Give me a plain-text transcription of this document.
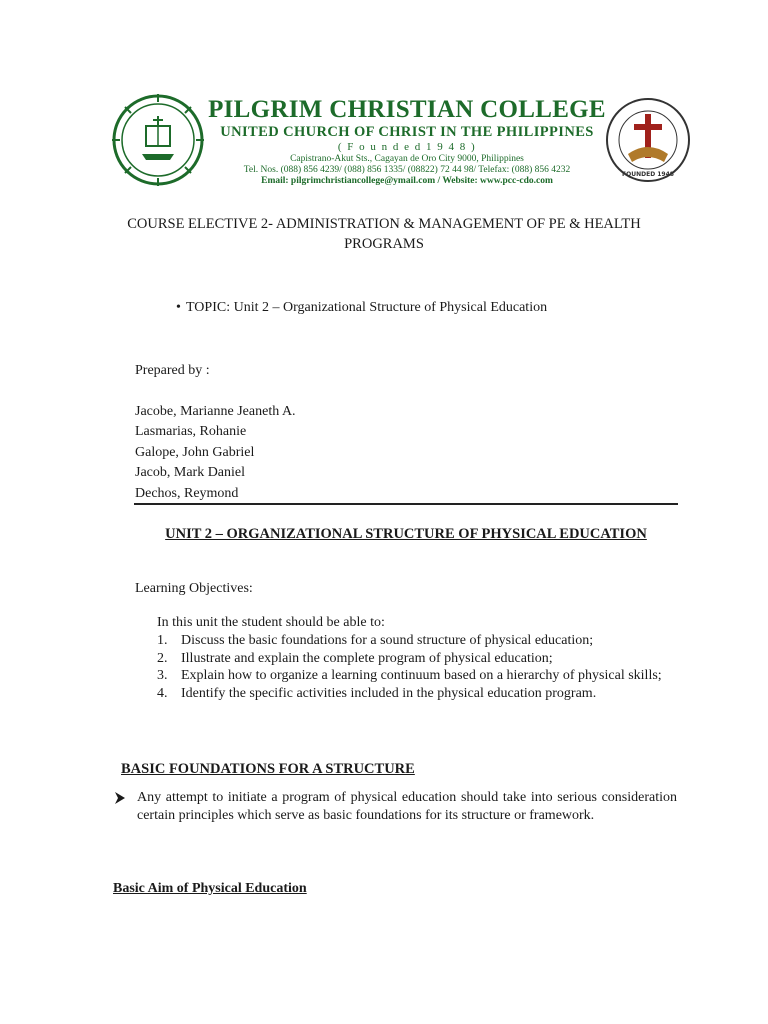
PILGRIM CHRISTIAN COLLEGE
UNITED CHURCH OF CHRIST IN THE PHILIPPINES
( F o u n d e d 1 9 4 8 )
Capistrano-Akut Sts., Cagayan de Oro City 9000, Philippines
Tel. Nos. (088) 856 4239/ (088) 856 1335/ (08822) 72 44 98/ Telefax: (088) 856 4232
Email: pilgrimchristiancollege@ymail.com / Website: www.pcc-cdo.com
FOUNDED 1948
COURSE ELECTIVE 2- ADMINISTRATION & MANAGEMENT OF PE & HEALTH PROGRAMS
• TOPIC: Unit 2 – Organizational Structure of Physical Education
Prepared by :
Jacobe, Marianne Jeaneth A.
Lasmarias, Rohanie
Galope, John Gabriel
Jacob, Mark Daniel
Dechos, Reymond
UNIT 2 – ORGANIZATIONAL STRUCTURE OF PHYSICAL EDUCATION
Learning Objectives:
In this unit the student should be able to:
1. Discuss the basic foundations for a sound structure of physical education;
2. Illustrate and explain the complete program of physical education;
3. Explain how to organize a learning continuum based on a hierarchy of physical skills;
4. Identify the specific activities included in the physical education program.
BASIC FOUNDATIONS FOR A STRUCTURE
Any attempt to initiate a program of physical education should take into serious consideration certain principles which serve as basic foundations for its structure or framework.
Basic Aim of Physical Education
